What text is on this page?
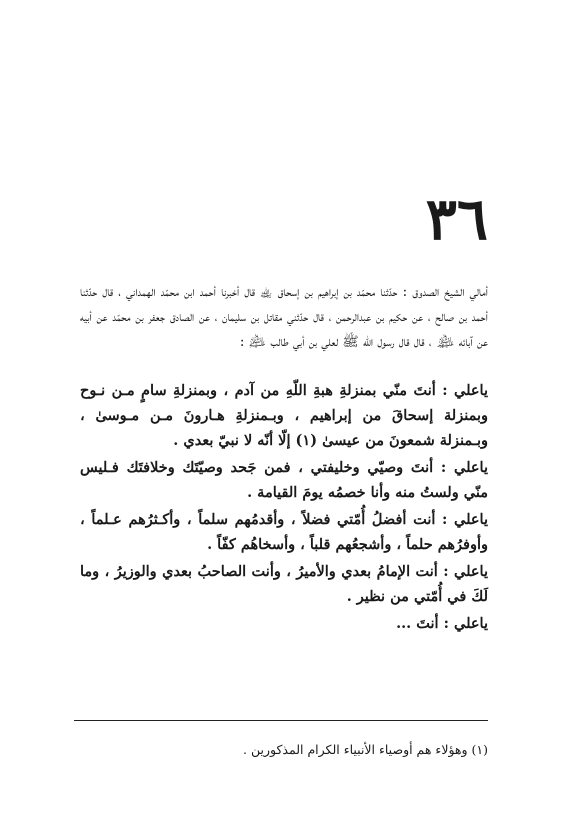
٣٦

أمالي الشيخ الصدوق : حدّثنا محمّد بن إبراهيم بن إسحاق ﵀ قال أخبرنا أحمد ابن محمّد الهمداني ، قال حدّثنا أحمد بن صالح ، عن حكيم بن عبدالرحمن ، قال حدّثني مقاتل بن سليمان ، عن الصادق جعفر بن محمّد عن أبيه عن آبائه ﵈ ، قال قال رسول الله ﷺ لعلي بن أبي طالب ﵇ :

ياعلي : أنتَ منّي بمنزلةِ هبةِ اللّهِ من آدم ، وبمنزلةِ سامٍ مـن نـوح وبمنزلة إسحاقَ من إبراهيم ، وبـمنزلةِ هـارونَ مـن مـوسىٰ ، وبـمنزلة شمعونَ من عيسىٰ (١) إلّا أنّه لا نبيّ بعدي .

ياعلي : أنتَ وصيّي وخليفتي ، فمن جَحد وصيّتَك وخلافتَك فـليس منّي ولستُ منه وأنا خصمُه يومَ القيامة .

ياعلي : أنت أفضلُ أُمّتي فضلاً ، وأقدمُهم سلماً ، وأكـثرُهم عـلماً ، وأوفرُهم حلماً ، وأشجعُهم قلباً ، وأسخاهُم كفّاً .

ياعلي : أنت الإمامُ بعدي والأميرُ ، وأنت الصاحبُ بعدي والوزيرُ ، وما لَكَ في أُمّتي من نظير .

ياعلي : أنتَ ...

(١) وهؤلاء هم أوصياء الأنبياء الكرام المذكورين .
